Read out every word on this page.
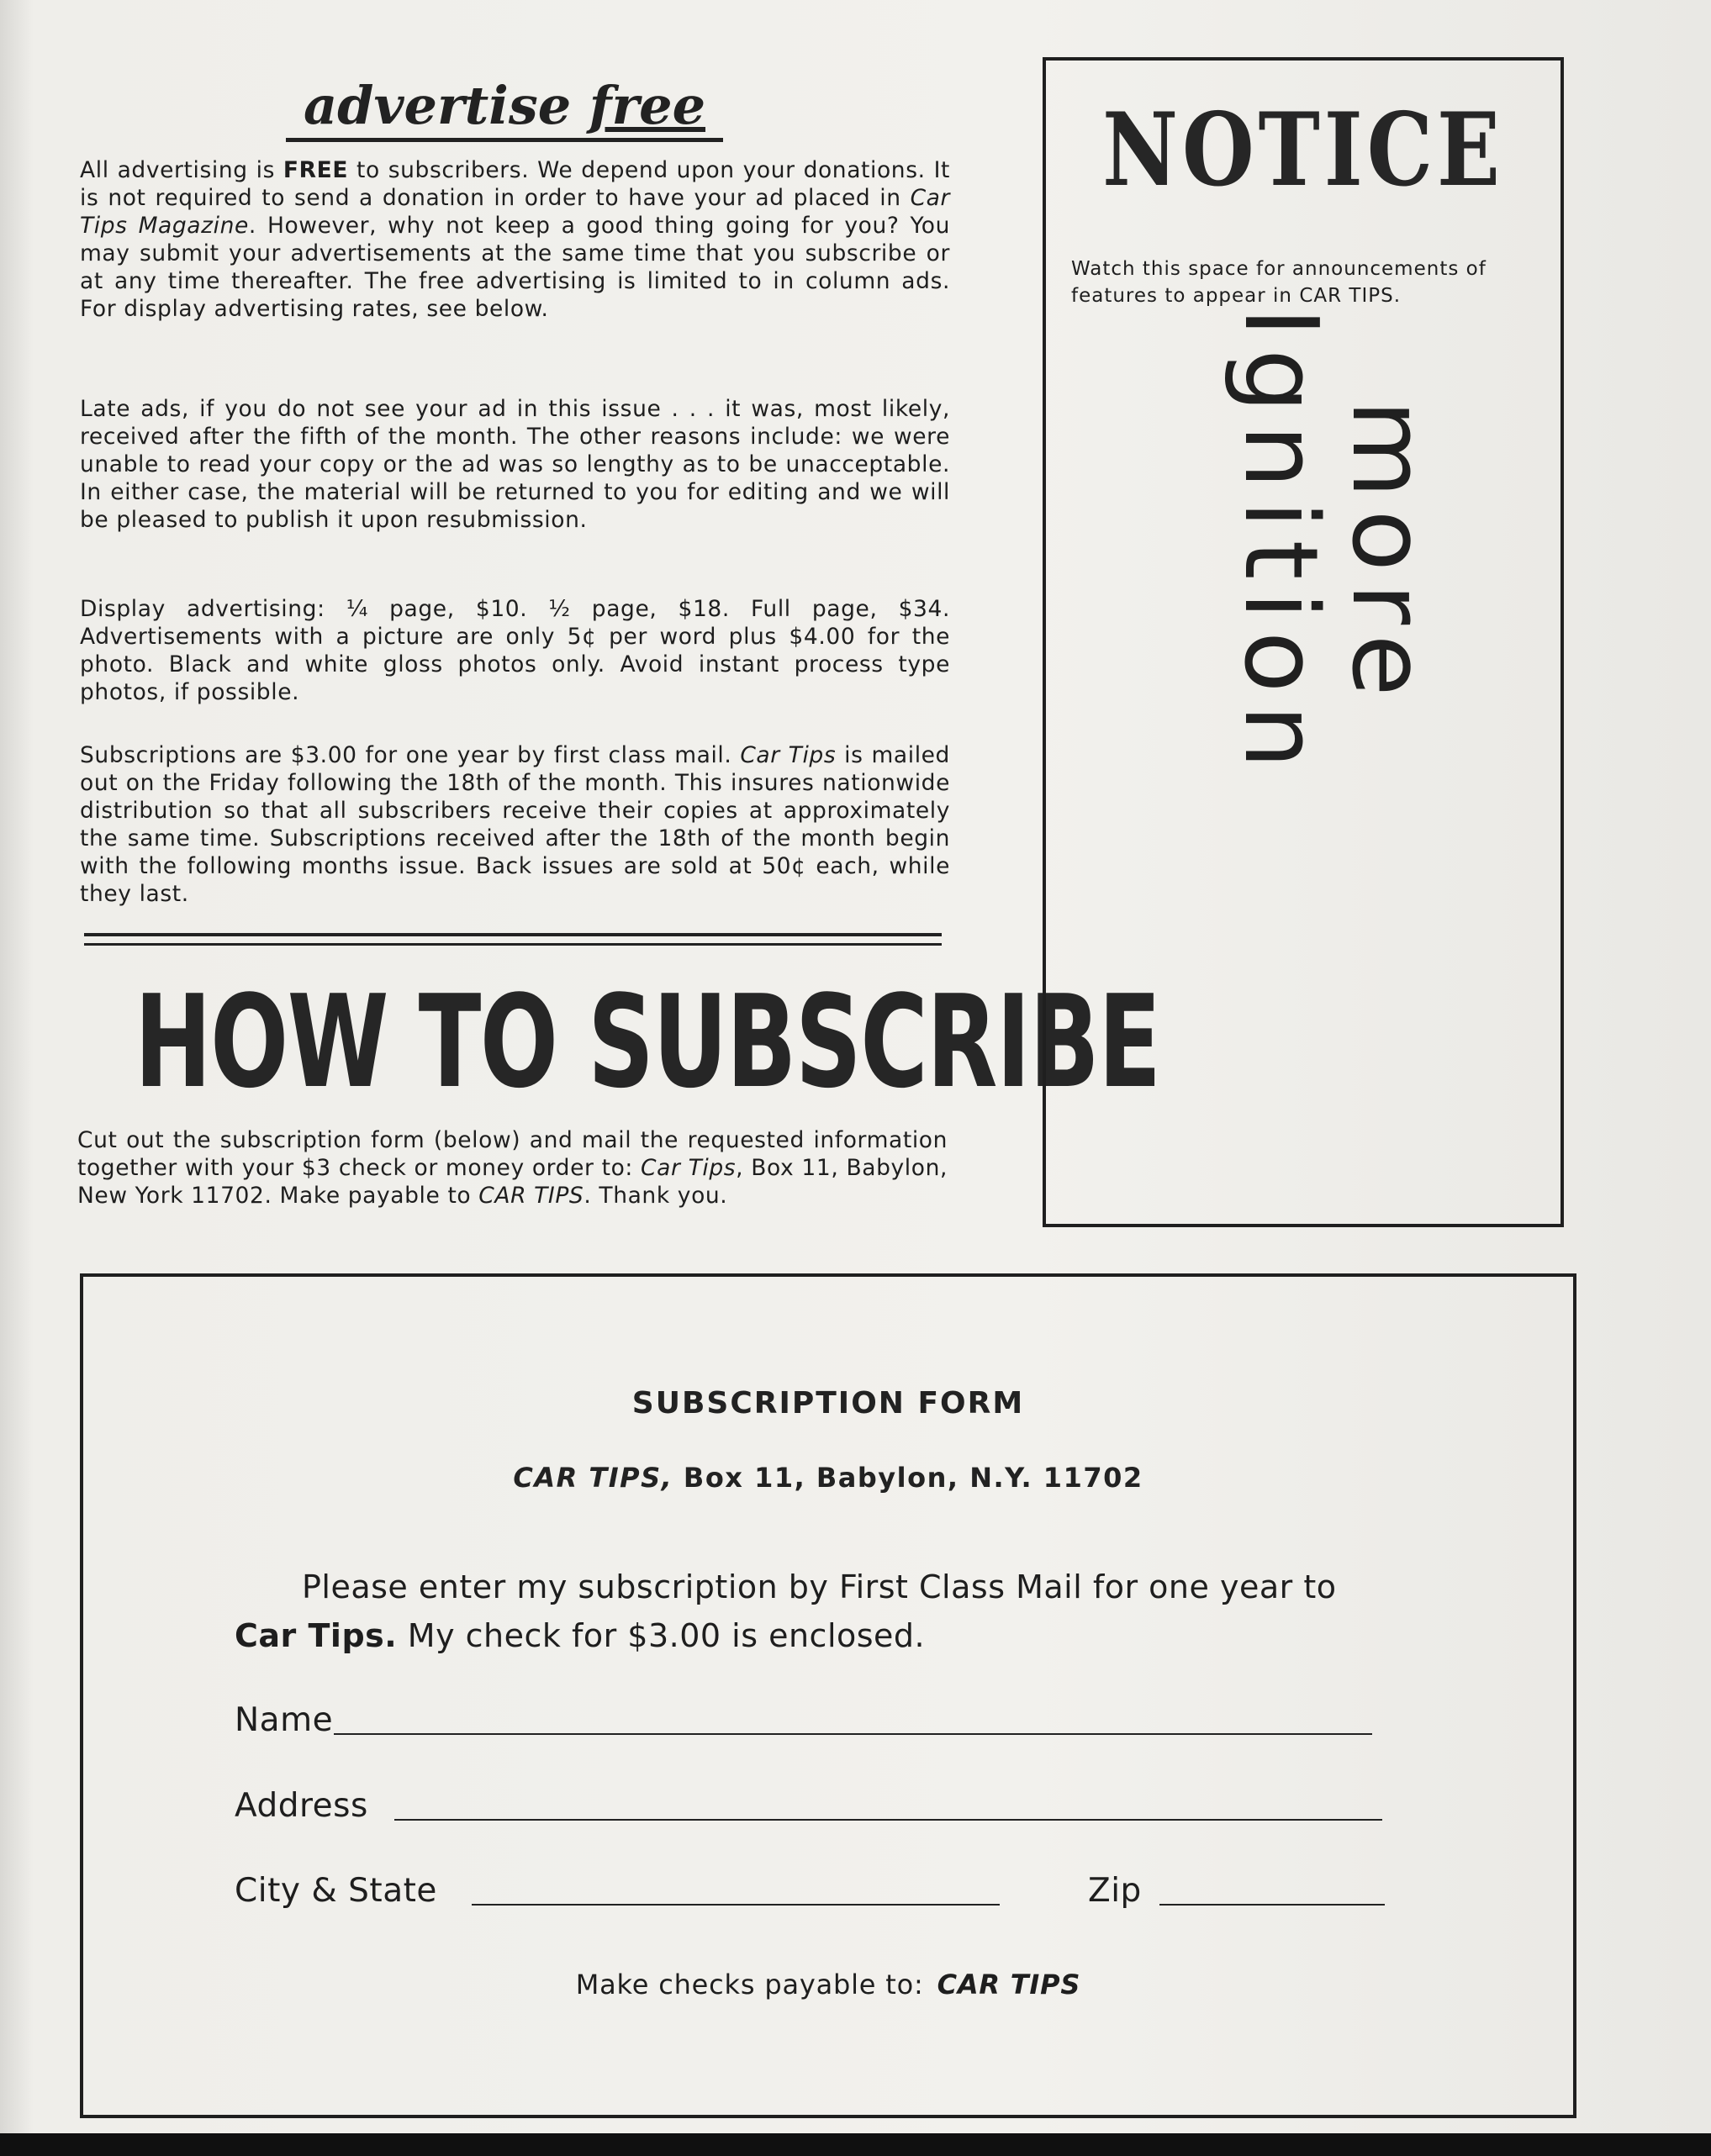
advertise free

All advertising is FREE to subscribers. We depend upon your donations. It is not required to send a donation in order to have your ad placed in Car Tips Magazine. However, why not keep a good thing going for you? You may submit your advertisements at the same time that you subscribe or at any time thereafter. The free advertising is limited to in column ads. For display advertising rates, see below.

Late ads, if you do not see your ad in this issue . . . it was, most likely, received after the fifth of the month. The other reasons include: we were unable to read your copy or the ad was so lengthy as to be unacceptable. In either case, the material will be returned to you for editing and we will be pleased to publish it upon resubmission.

Display advertising: ¼ page, $10. ½ page, $18. Full page, $34. Advertisements with a picture are only 5¢ per word plus $4.00 for the photo. Black and white gloss photos only. Avoid instant process type photos, if possible.

Subscriptions are $3.00 for one year by first class mail. Car Tips is mailed out on the Friday following the 18th of the month. This insures nationwide distribution so that all subscribers receive their copies at approximately the same time. Subscriptions received after the 18th of the month begin with the following months issue. Back issues are sold at 50¢ each, while they last.

HOW TO SUBSCRIBE

Cut out the subscription form (below) and mail the requested information together with your $3 check or money order to: Car Tips, Box 11, Babylon, New York 11702. Make payable to CAR TIPS. Thank you.

NOTICE

Watch this space for announcements of features to appear in CAR TIPS.

more
Ignition
SUBSCRIPTION FORM
CAR TIPS, Box 11, Babylon, N.Y. 11702

Please enter my subscription by First Class Mail for one year to
Car Tips. My check for $3.00 is enclosed.

Name
Address
City & State	Zip
Make checks payable to: CAR TIPS
